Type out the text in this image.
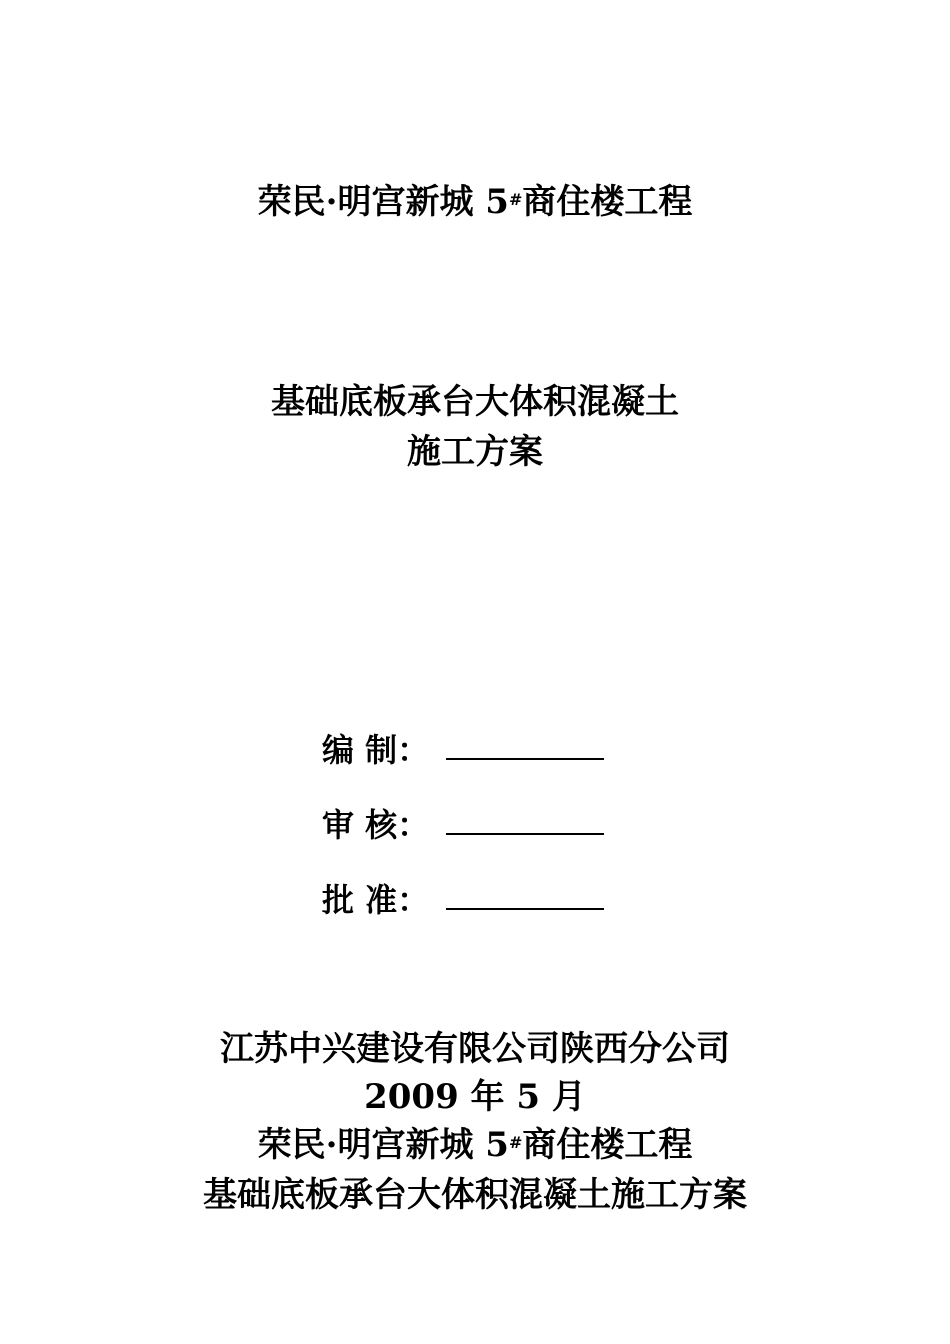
荣民·明宫新城 5#商住楼工程
基础底板承台大体积混凝土
施工方案
编 制：
审 核：
批 准：
江苏中兴建设有限公司陕西分公司
2009 年 5 月
荣民·明宫新城 5#商住楼工程
基础底板承台大体积混凝土施工方案
